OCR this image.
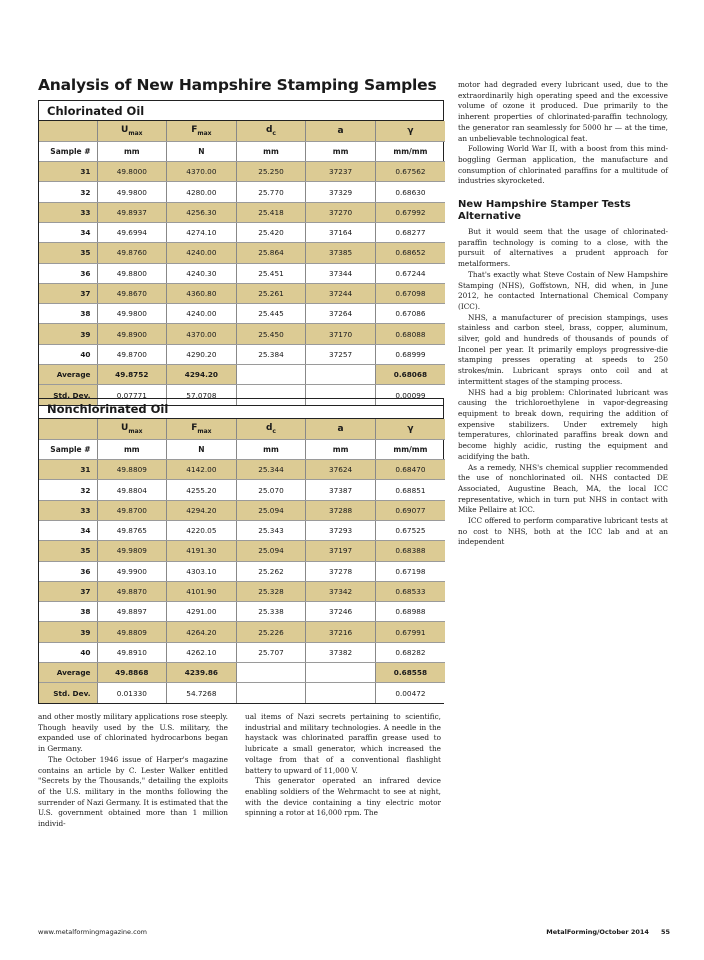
Analysis of New Hampshire Stamping Samples
Chlorinated Oil
	$U_{max}$	$F_{max}$	$d_c$	a	γ
Sample #	mm	N	mm	mm	mm/mm
31	49.8000	4370.00	25.250	37237	0.67562
32	49.9800	4280.00	25.770	37329	0.68630
33	49.8937	4256.30	25.418	37270	0.67992
34	49.6994	4274.10	25.420	37164	0.68277
35	49.8760	4240.00	25.864	37385	0.68652
36	49.8800	4240.30	25.451	37344	0.67244
37	49.8670	4360.80	25.261	37244	0.67098
38	49.9800	4240.00	25.445	37264	0.67086
39	49.8900	4370.00	25.450	37170	0.68088
40	49.8700	4290.20	25.384	37257	0.68999
Average	49.8752	4294.20			0.68068
Std. Dev.	0.07771	57.0708			0.00099
Nonchlorinated Oil
	$U_{max}$	$F_{max}$	$d_c$	a	γ
Sample #	mm	N	mm	mm	mm/mm
31	49.8809	4142.00	25.344	37624	0.68470
32	49.8804	4255.20	25.070	37387	0.68851
33	49.8700	4294.20	25.094	37288	0.69077
34	49.8765	4220.05	25.343	37293	0.67525
35	49.9809	4191.30	25.094	37197	0.68388
36	49.9900	4303.10	25.262	37278	0.67198
37	49.8870	4101.90	25.328	37342	0.68533
38	49.8897	4291.00	25.338	37246	0.68988
39	49.8809	4264.20	25.226	37216	0.67991
40	49.8910	4262.10	25.707	37382	0.68282
Average	49.8868	4239.86			0.68558
Std. Dev.	0.01330	54.7268			0.00472

and other mostly military applications rose steeply. Though heavily used by the U.S. military, the expanded use of chlorinated hydrocarbons began in Germany.

The October 1946 issue of Harper's magazine contains an article by C. Lester Walker entitled "Secrets by the Thousands," detailing the exploits of the U.S. military in the months following the surrender of Nazi Germany. It is estimated that the U.S. government obtained more than 1 million individ-

ual items of Nazi secrets pertaining to scientific, industrial and military technologies. A needle in the haystack was chlorinated paraffin grease used to lubricate a small generator, which increased the voltage from that of a conventional flashlight battery to upward of 11,000 V.

This generator operated an infrared device enabling soldiers of the Wehrmacht to see at night, with the device containing a tiny electric motor spinning a rotor at 16,000 rpm. The

motor had degraded every lubricant used, due to the extraordinarily high operating speed and the excessive volume of ozone it produced. Due primarily to the inherent properties of chlorinated-paraffin technology, the generator ran seamlessly for 5000 hr — at the time, an unbelievable technological feat.

Following World War II, with a boost from this mind-boggling German application, the manufacture and consumption of chlorinated paraffins for a multitude of industries skyrocketed.

New Hampshire Stamper Tests Alternative

But it would seem that the usage of chlorinated-paraffin technology is coming to a close, with the pursuit of alternatives a prudent approach for metalformers.

That's exactly what Steve Costain of New Hampshire Stamping (NHS), Goffstown, NH, did when, in June 2012, he contacted International Chemical Company (ICC).

NHS, a manufacturer of precision stampings, uses stainless and carbon steel, brass, copper, aluminum, silver, gold and hundreds of thousands of pounds of Inconel per year. It primarily employs progressive-die stamping presses operating at speeds to 250 strokes/min. Lubricant sprays onto coil and at intermittent stages of the stamping process.

NHS had a big problem: Chlorinated lubricant was causing the trichloroethylene in vapor-degreasing equipment to break down, requiring the addition of expensive stabilizers. Under extremely high temperatures, chlorinated paraffins break down and become highly acidic, rusting the equipment and acidifying the bath.

As a remedy, NHS's chemical supplier recommended the use of nonchlorinated oil. NHS contacted DE Associated, Augustine Beach, MA, the local ICC representative, which in turn put NHS in contact with Mike Pellaire at ICC.

ICC offered to perform comparative lubricant tests at no cost to NHS, both at the ICC lab and at an independent

www.metalformingmagazine.com	MetalForming/October 2014 55
